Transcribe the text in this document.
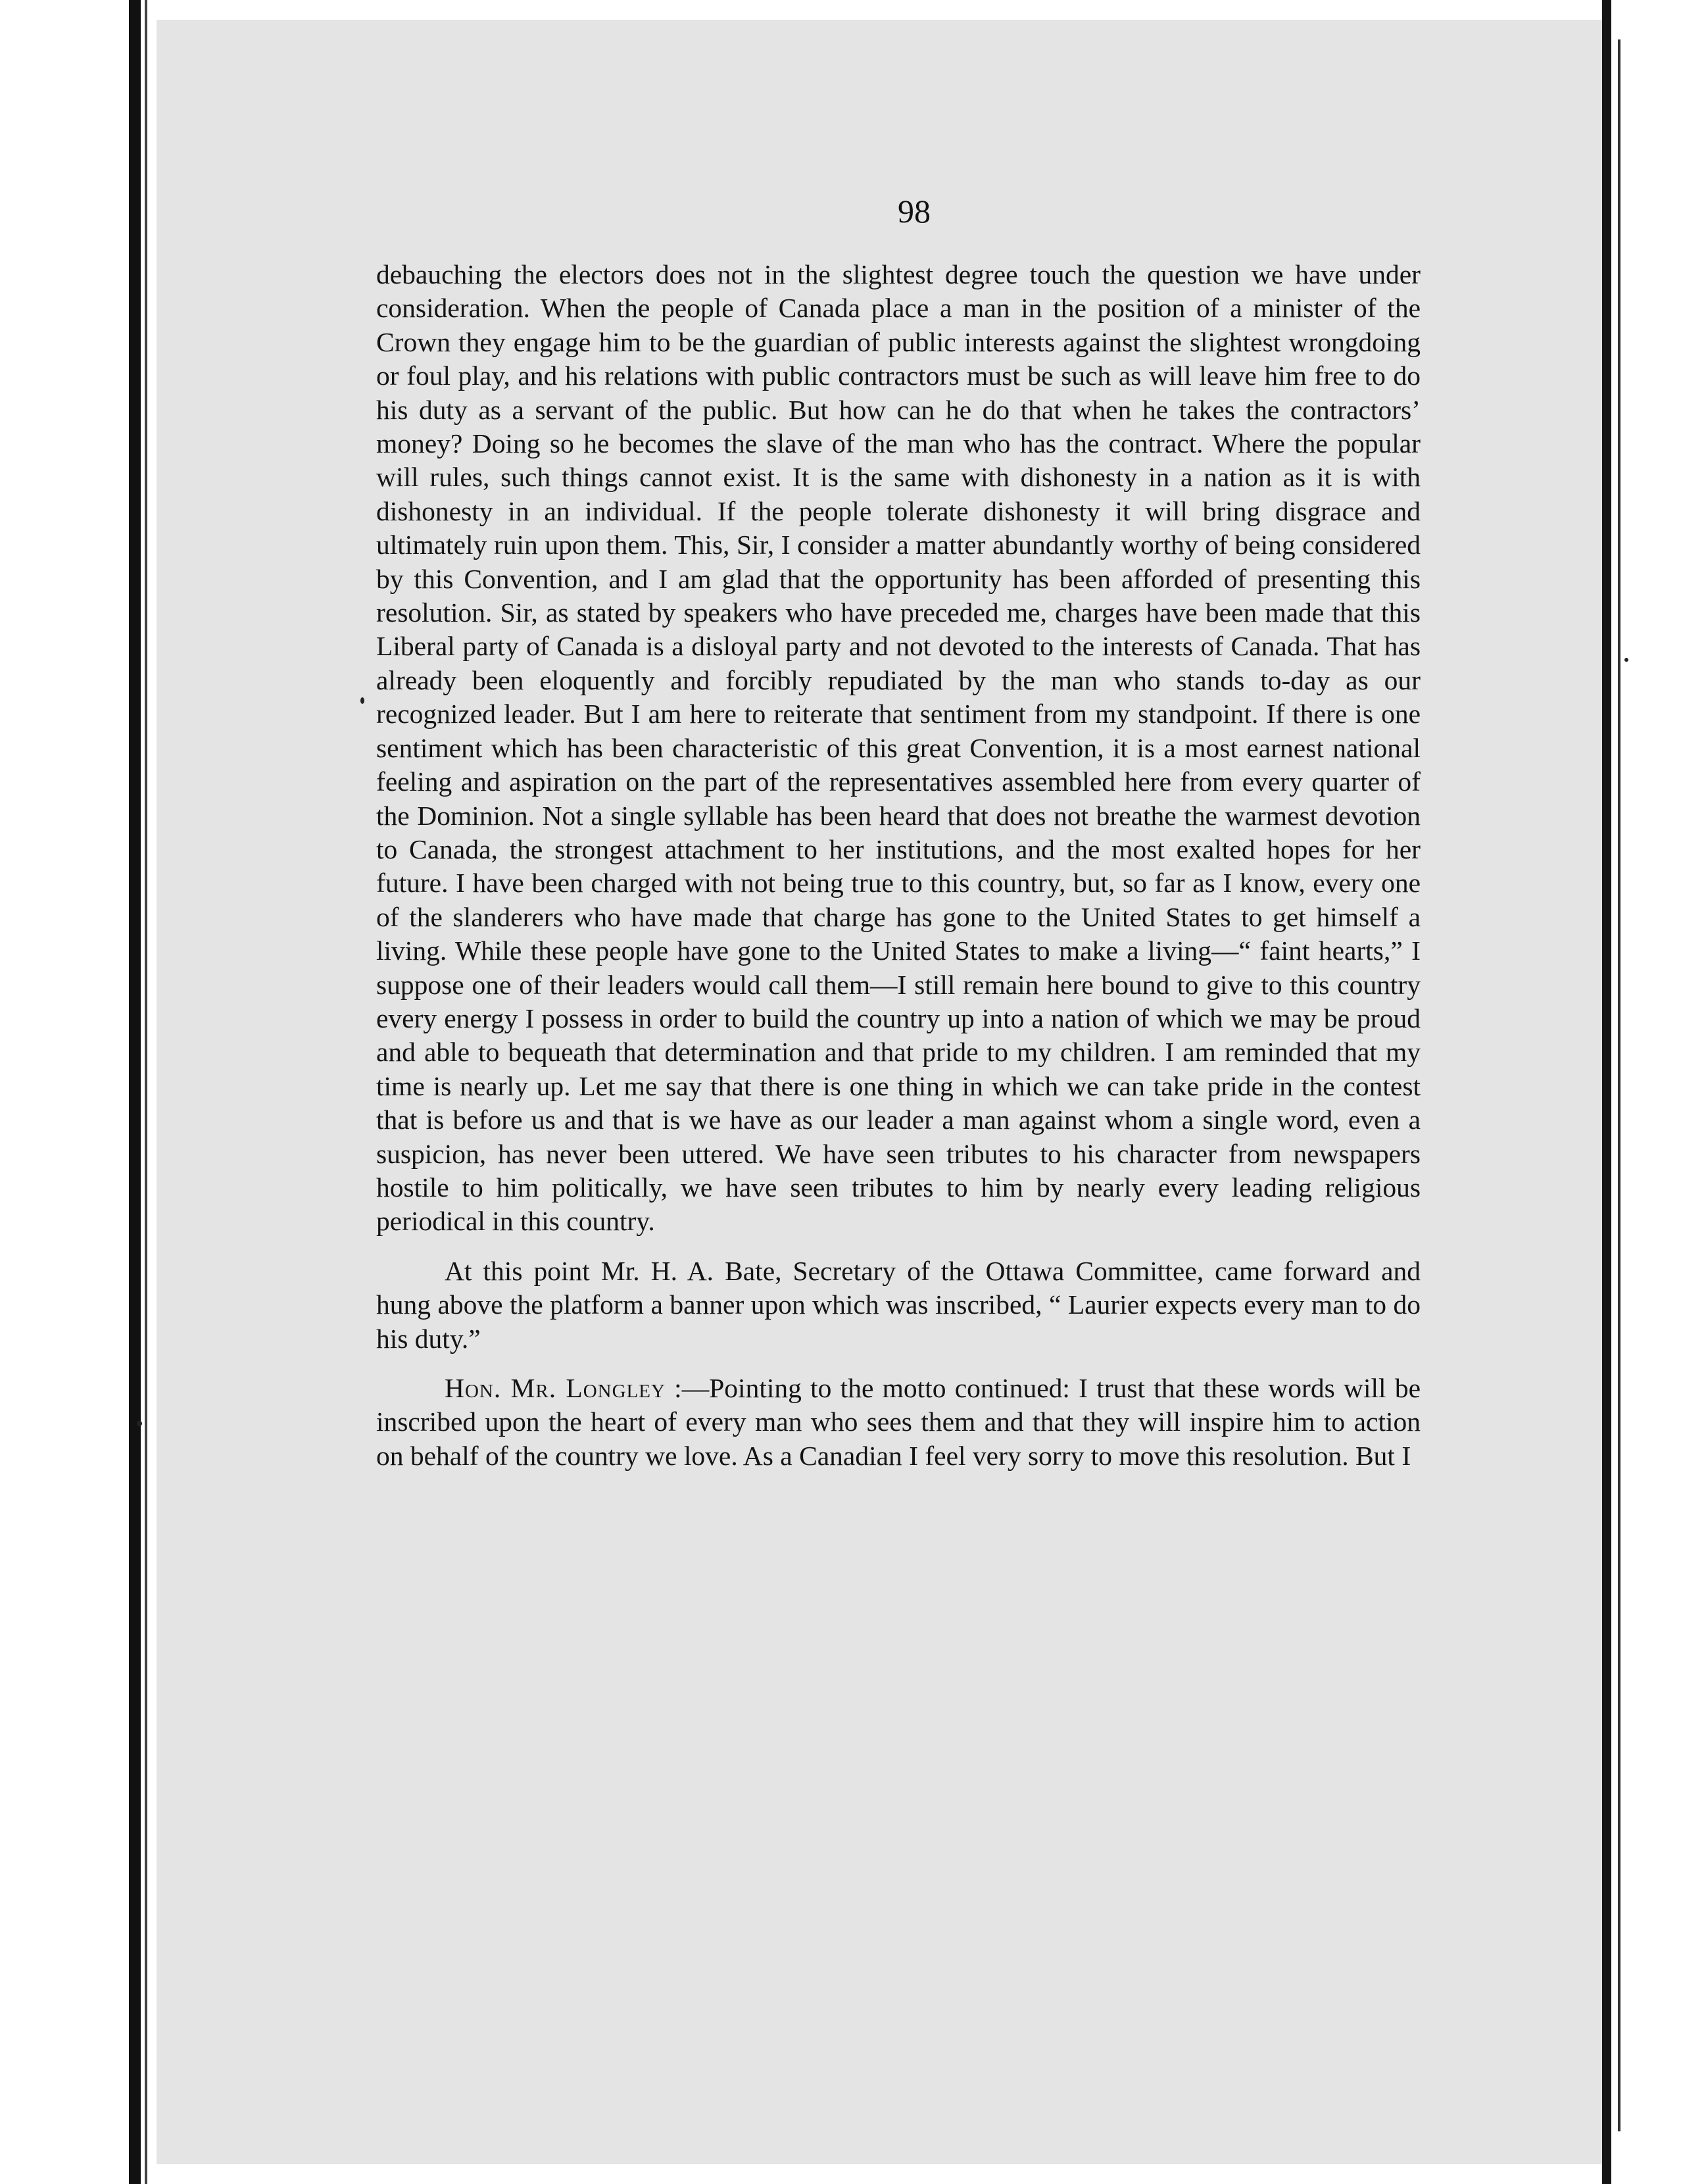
98

debauching the electors does not in the slightest degree touch the question we have under consideration. When the people of Canada place a man in the position of a minister of the Crown they engage him to be the guardian of public interests against the slightest wrongdoing or foul play, and his relations with public contractors must be such as will leave him free to do his duty as a servant of the public. But how can he do that when he takes the contractors’ money? Doing so he becomes the slave of the man who has the contract. Where the popular will rules, such things cannot exist. It is the same with dishonesty in a nation as it is with dishonesty in an individual. If the people tolerate dishonesty it will bring disgrace and ultimately ruin upon them. This, Sir, I consider a matter abundantly worthy of being considered by this Convention, and I am glad that the opportunity has been afforded of presenting this resolution. Sir, as stated by speakers who have preceded me, charges have been made that this Liberal party of Canada is a disloyal party and not devoted to the interests of Canada. That has already been eloquently and forcibly repudiated by the man who stands to-day as our recognized leader. But I am here to reiterate that sentiment from my standpoint. If there is one sentiment which has been characteristic of this great Convention, it is a most earnest national feeling and aspiration on the part of the representatives assembled here from every quarter of the Dominion. Not a single syllable has been heard that does not breathe the warmest devotion to Canada, the strongest attachment to her institutions, and the most exalted hopes for her future. I have been charged with not being true to this country, but, so far as I know, every one of the slanderers who have made that charge has gone to the United States to get himself a living. While these people have gone to the United States to make a living—“ faint hearts,” I suppose one of their leaders would call them—I still remain here bound to give to this country every energy I possess in order to build the country up into a nation of which we may be proud and able to bequeath that determination and that pride to my children. I am reminded that my time is nearly up. Let me say that there is one thing in which we can take pride in the contest that is before us and that is we have as our leader a man against whom a single word, even a suspicion, has never been uttered. We have seen tributes to his character from newspapers hostile to him politically, we have seen tributes to him by nearly every leading religious periodical in this country.

At this point Mr. H. A. Bate, Secretary of the Ottawa Committee, came forward and hung above the platform a banner upon which was inscribed, “ Laurier expects every man to do his duty.”

Hon. Mr. Longley :—Pointing to the motto continued: I trust that these words will be inscribed upon the heart of every man who sees them and that they will inspire him to action on behalf of the country we love. As a Canadian I feel very sorry to move this resolution. But I
